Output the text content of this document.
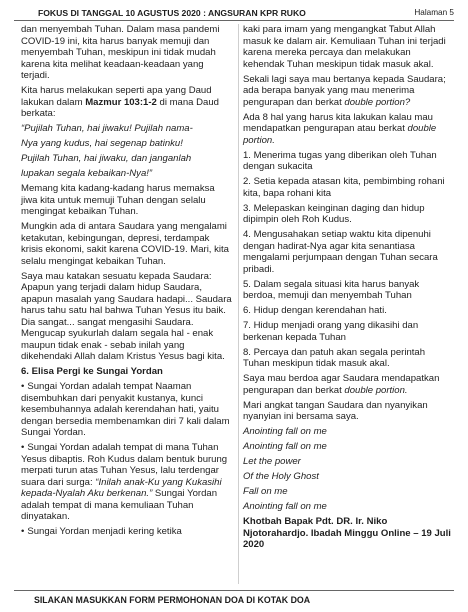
FOKUS DI TANGGAL 10 AGUSTUS 2020 : ANGSURAN KPR RUKO	Halaman 5

dan menyembah Tuhan. Dalam masa pandemi COVID-19 ini, kita harus banyak memuji dan menyembah Tuhan, meskipun ini tidak mudah karena kita melihat keadaan-keadaan yang terjadi.

Kita harus melakukan seperti apa yang Daud lakukan dalam Mazmur 103:1-2 di mana Daud berkata:

“Pujilah Tuhan, hai jiwaku! Pujilah nama-

Nya yang kudus, hai segenap batinku!

Pujilah Tuhan, hai jiwaku, dan janganlah

lupakan segala kebaikan-Nya!”

Memang kita kadang-kadang harus memaksa jiwa kita untuk memuji Tuhan dengan selalu mengingat kebaikan Tuhan.

Mungkin ada di antara Saudara yang mengalami ketakutan, kebingungan, depresi, terdampak krisis ekonomi, sakit karena COVID-19. Mari, kita selalu mengingat kebaikan Tuhan.

Saya mau katakan sesuatu kepada Saudara: Apapun yang terjadi dalam hidup Saudara, apapun masalah yang Saudara hadapi... Saudara harus tahu satu hal bahwa Tuhan Yesus itu baik. Dia sangat... sangat mengasihi Saudara. Mengucap syukurlah dalam segala hal - enak maupun tidak enak - sebab inilah yang dikehendaki Allah dalam Kristus Yesus bagi kita.

6. Elisa Pergi ke Sungai Yordan

• Sungai Yordan adalah tempat Naaman disembuhkan dari penyakit kustanya, kunci kesembuhannya adalah kerendahan hati, yaitu dengan bersedia membenamkan diri 7 kali dalam Sungai Yordan.

• Sungai Yordan adalah tempat di mana Tuhan Yesus dibaptis. Roh Kudus dalam bentuk burung merpati turun atas Tuhan Yesus, lalu terdengar suara dari surga: “Inilah anak-Ku yang Kukasihi kepada-Nyalah Aku berkenan.” Sungai Yordan adalah tempat di mana kemuliaan Tuhan dinyatakan.

• Sungai Yordan menjadi kering ketika

kaki para imam yang mengangkat Tabut Allah masuk ke dalam air. Kemuliaan Tuhan ini terjadi karena mereka percaya dan melakukan kehendak Tuhan meskipun tidak masuk akal.

Sekali lagi saya mau bertanya kepada Saudara; ada berapa banyak yang mau menerima pengurapan dan berkat double portion?

Ada 8 hal yang harus kita lakukan kalau mau mendapatkan pengurapan atau berkat double portion.

1. Menerima tugas yang diberikan oleh Tuhan dengan sukacita

2. Setia kepada atasan kita, pembimbing rohani kita, bapa rohani kita

3. Melepaskan keinginan daging dan hidup dipimpin oleh Roh Kudus.

4. Mengusahakan setiap waktu kita dipenuhi dengan hadirat-Nya agar kita senantiasa mengalami perjumpaan dengan Tuhan secara pribadi.

5. Dalam segala situasi kita harus banyak berdoa, memuji dan menyembah Tuhan

6. Hidup dengan kerendahan hati.

7. Hidup menjadi orang yang dikasihi dan berkenan kepada Tuhan

8. Percaya dan patuh akan segala perintah Tuhan meskipun tidak masuk akal.

Saya mau berdoa agar Saudara mendapatkan pengurapan dan berkat double portion.

Mari angkat tangan Saudara dan nyanyikan nyanyian ini bersama saya.

Anointing fall on me

Anointing fall on me

Let the power

Of the Holy Ghost

Fall on me

Anointing fall on me

Khotbah Bapak Pdt. DR. Ir. Niko Njotorahardjo. Ibadah Minggu Online – 19 Juli 2020

SILAKAN MASUKKAN FORM PERMOHONAN DOA DI KOTAK DOA
